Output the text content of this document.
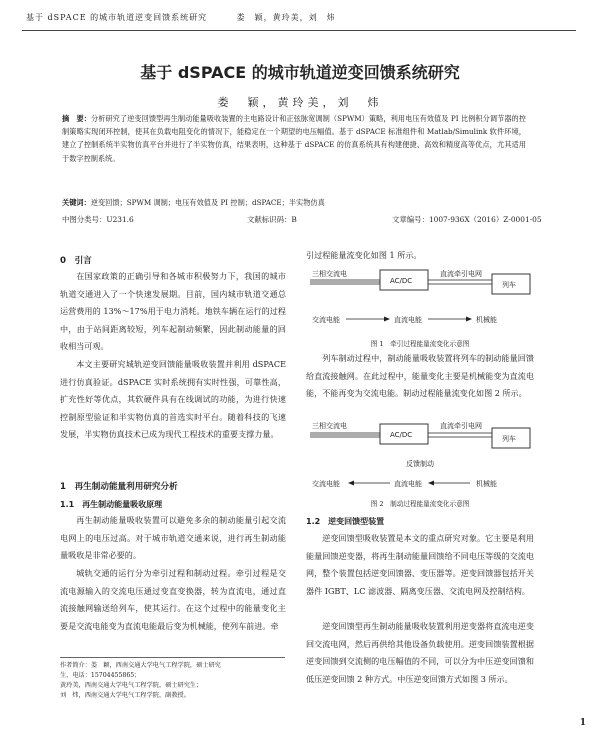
基于 dSPACE 的城市轨道逆变回馈系统研究	娄　颖，黄玲美，刘　炜
基于 dSPACE 的城市轨道逆变回馈系统研究
娄　颖，黄玲美，刘　炜
摘　要：分析研究了逆变回馈型再生制动能量吸收装置的主电路设计和正弦脉宽调制（SPWM）策略，利用电压有效值及 PI 比例积分调节器的控制策略实现闭环控制，使其在负载电阻变化的情况下，能稳定在一个期望的电压幅值。基于 dSPACE 标准组件和 Matlab/Simulink 软件环境，建立了控制系统半实物仿真平台并进行了半实物仿真，结果表明，这种基于 dSPACE 的仿真系统具有构建便捷、高效和精度高等优点，尤其适用于数字控制系统。
关键词：逆变回馈；SPWM 调制；电压有效值及 PI 控制；dSPACE；半实物仿真
中图分类号：U231.6	文献标识码：B	文章编号：1007-936X（2016）Z-0001-05
0　引言
在国家政策的正确引导和各城市积极努力下，我国的城市轨道交通进入了一个快速发展期。目前，国内城市轨道交通总运营费用的 13%～17%用于电力消耗。地铁车辆在运行的过程中，由于站间距离较短，列车起制动频繁，因此制动能量的回收相当可观。
本文主要研究城轨逆变回馈能量吸收装置并利用 dSPACE 进行仿真验证。dSPACE 实时系统拥有实时性强，可靠性高，扩充性好等优点，其软硬件具有在线调试的功能，为进行快速控制原型验证和半实物仿真的首选实时平台。随着科技的飞速发展，半实物仿真技术已成为现代工程技术的重要支撑力量。
1　再生制动能量利用研究分析
1.1　再生制动能量吸收原理
再生制动能量吸收装置可以避免多余的制动能量引起交流电网上的电压过高。对于城市轨道交通来说，进行再生制动能量吸收是非常必要的。
城轨交通的运行分为牵引过程和制动过程。牵引过程是交流电源输入的交流电压通过变直变换器，转为直流电，通过直流接触网输送给列车，使其运行。在这个过程中的能量变化主要是交流电能变为直流电能最后变为机械能，使列车前进。牵
作者简介：娄　颖，西南交通大学电气工程学院，硕士研究
生，电话：15704455865；
黄玲美，西南交通大学电气工程学院，硕士研究生；
刘　炜，西南交通大学电气工程学院，副教授。
引过程能量流变化如图 1 所示。
三相交流电
AC/DC
直流牵引电网
列车
交流电能	直流电能	机械能
图 1　牵引过程能量流变化示意图
列车制动过程中，制动能量吸收装置将列车的制动能量回馈给直流接触网。在此过程中，能量变化主要是机械能变为直流电能，不能再变为交流电能。制动过程能量流变化如图 2 所示。
三相交流电
AC/DC
直流牵引电网
列车
反馈制动
交流电能	直流电能	机械能
图 2　制动过程能量流变化示意图
1.2　逆变回馈型装置
逆变回馈型吸收装置是本文的重点研究对象。它主要是利用能量回馈逆变器，将再生制动能量回馈给不同电压等级的交流电网，整个装置包括逆变回馈器、变压器等。逆变回馈器包括开关器件 IGBT、LC 滤波器、隔离变压器、交流电网及控制结构。
逆变回馈型再生制动能量吸收装置利用逆变器将直流电逆变回交流电网，然后再供给其他设备负载使用。逆变回馈装置根据逆变回馈到交流侧的电压幅值的不同，可以分为中压逆变回馈和低压逆变回馈 2 种方式。中压逆变回馈方式如图 3 所示。
1
